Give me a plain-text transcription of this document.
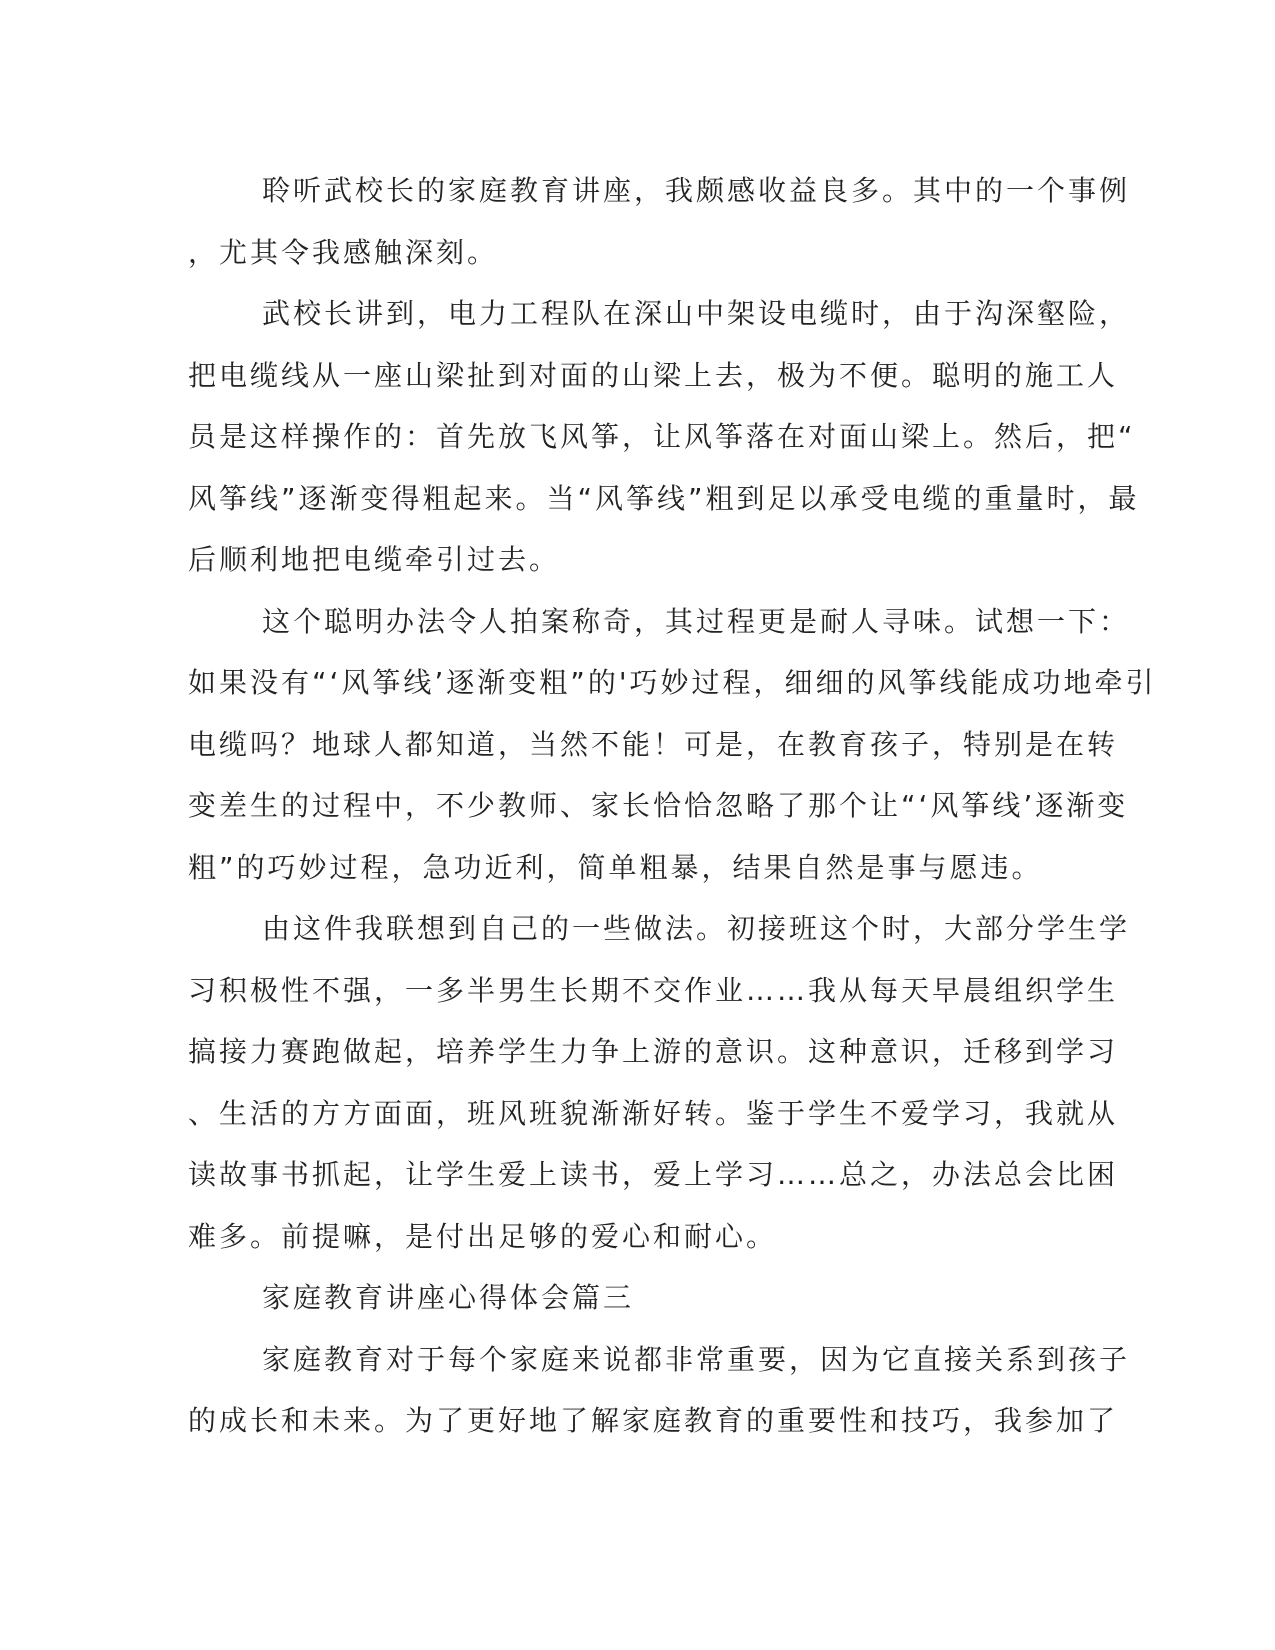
聆听武校长的家庭教育讲座，我颇感收益良多。其中的一个事例
，尤其令我感触深刻。
武校长讲到，电力工程队在深山中架设电缆时，由于沟深壑险，
把电缆线从一座山梁扯到对面的山梁上去，极为不便。聪明的施工人
员是这样操作的：首先放飞风筝，让风筝落在对面山梁上。然后，把“
风筝线”逐渐变得粗起来。当“风筝线”粗到足以承受电缆的重量时，最
后顺利地把电缆牵引过去。
这个聪明办法令人拍案称奇，其过程更是耐人寻味。试想一下：
如果没有“‘风筝线’逐渐变粗”的'巧妙过程，细细的风筝线能成功地牵引
电缆吗？地球人都知道，当然不能！可是，在教育孩子，特别是在转
变差生的过程中，不少教师、家长恰恰忽略了那个让“‘风筝线’逐渐变
粗”的巧妙过程，急功近利，简单粗暴，结果自然是事与愿违。
由这件我联想到自己的一些做法。初接班这个时，大部分学生学
习积极性不强，一多半男生长期不交作业……我从每天早晨组织学生
搞接力赛跑做起，培养学生力争上游的意识。这种意识，迁移到学习
、生活的方方面面，班风班貌渐渐好转。鉴于学生不爱学习，我就从
读故事书抓起，让学生爱上读书，爱上学习……总之，办法总会比困
难多。前提嘛，是付出足够的爱心和耐心。
家庭教育讲座心得体会篇三
家庭教育对于每个家庭来说都非常重要，因为它直接关系到孩子
的成长和未来。为了更好地了解家庭教育的重要性和技巧，我参加了
